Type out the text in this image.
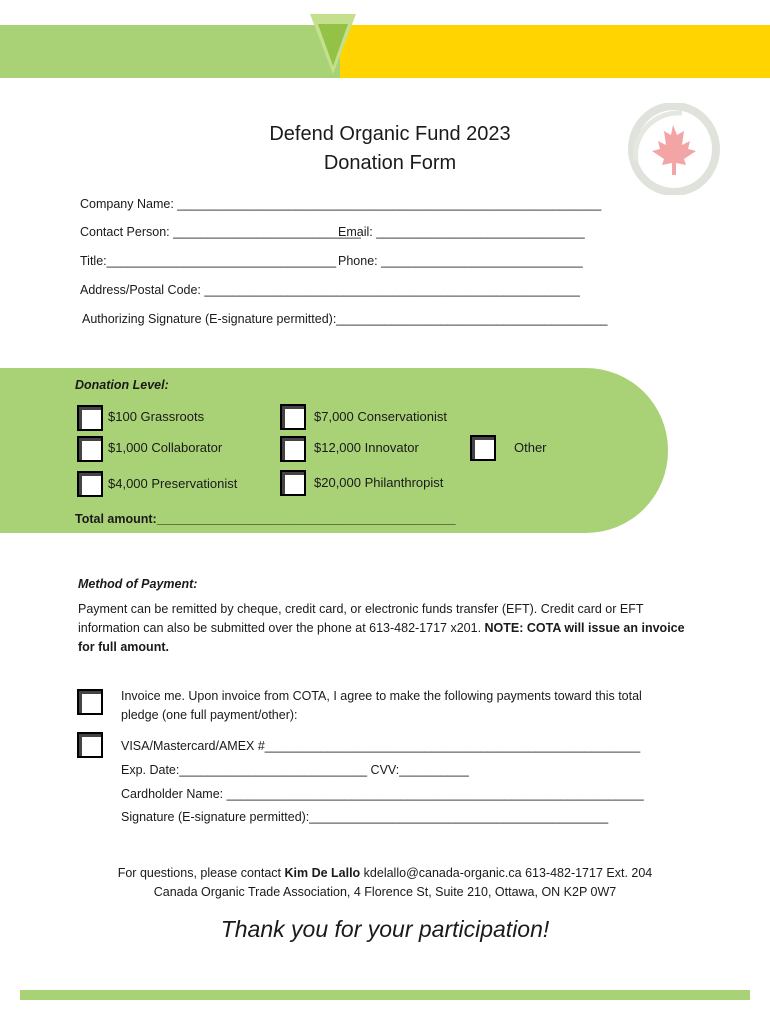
Defend Organic Fund 2023
Donation Form
Company Name: _____________________________________________________________
Contact Person: ___________________________
Email: ______________________________
Title:_________________________________ Phone: _____________________________
Address/Postal Code: ______________________________________________________
Authorizing Signature (E-signature permitted):_______________________________________
Donation Level:
$100 Grassroots
$1,000 Collaborator
$4,000 Preservationist
$7,000 Conservationist
$12,000 Innovator
$20,000 Philanthropist
Other
Total amount:___________________________________________
Method of Payment:
Payment can be remitted by cheque, credit card, or electronic funds transfer (EFT). Credit card or EFT
information can also be submitted over the phone at 613-482-1717 x201. NOTE: COTA will issue an invoice
for full amount.
Invoice me. Upon invoice from COTA, I agree to make the following payments toward this total
pledge (one full payment/other):
VISA/Mastercard/AMEX #______________________________________________________
Exp. Date:___________________________ CVV:__________
Cardholder Name: ____________________________________________________________
Signature (E-signature permitted):___________________________________________
For questions, please contact Kim De Lallo kdelallo@canada-organic.ca 613-482-1717 Ext. 204
Canada Organic Trade Association, 4 Florence St, Suite 210, Ottawa, ON K2P 0W7
Thank you for your participation!
